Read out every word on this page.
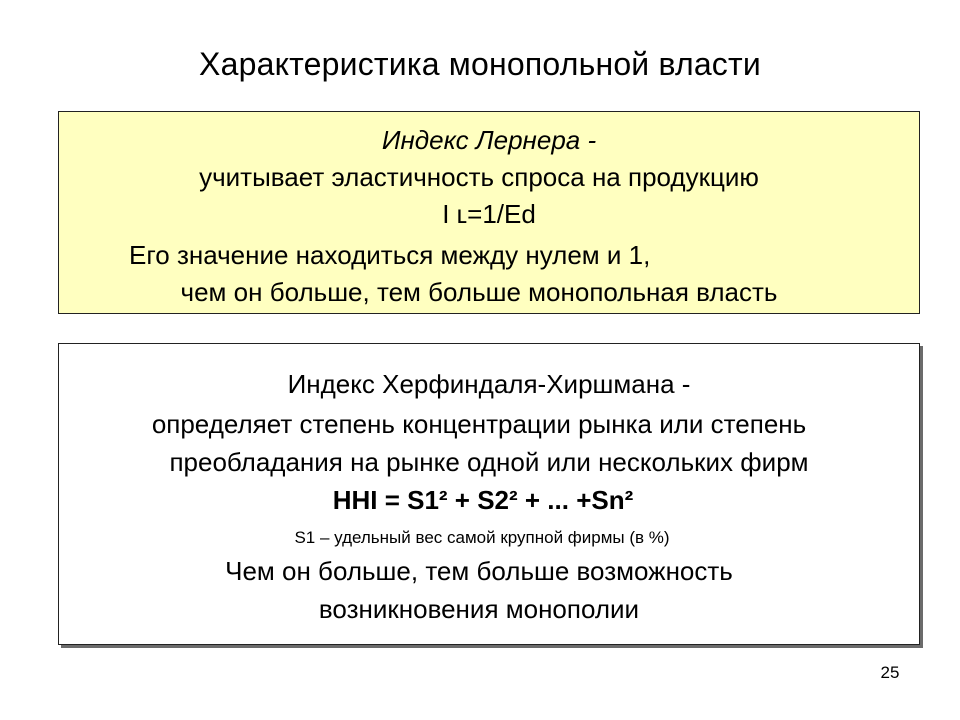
Характеристика монопольной власти
Индекс Лернера -
учитывает эластичность спроса на продукцию
I ʟ=1/Ed
Его значение находиться между нулем и 1,
чем он больше, тем больше монопольная власть
Индекс Херфиндаля-Хиршмана -
определяет степень концентрации рынка или степень
преобладания на рынке одной или нескольких фирм
HHI = S1² + S2² + ... +Sn²
S1 – удельный вес самой крупной фирмы (в %)
Чем он больше, тем больше возможность
возникновения монополии
25
